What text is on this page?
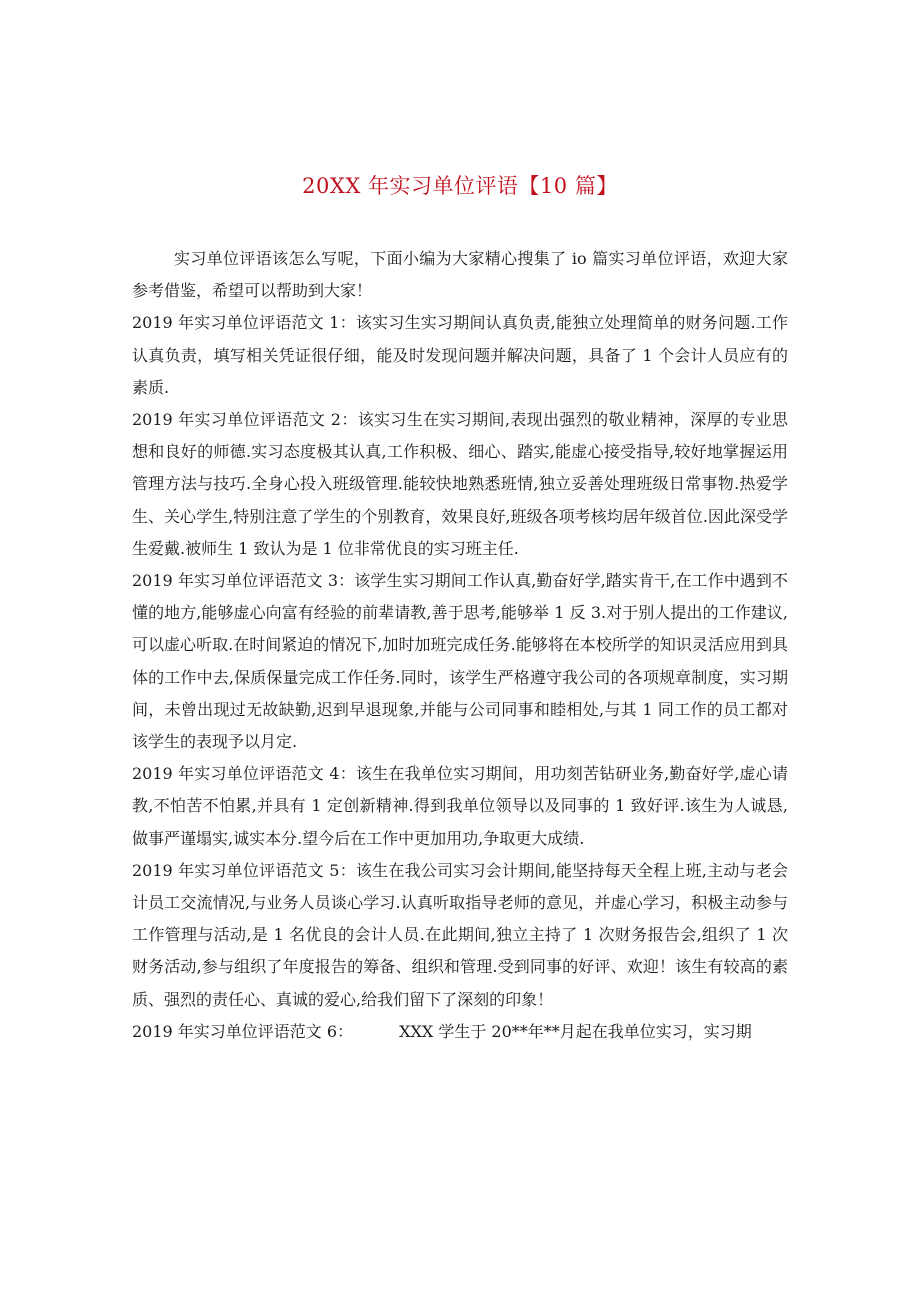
20XX 年实习单位评语【10 篇】

实习单位评语该怎么写呢，下面小编为大家精心搜集了 io 篇实习单位评语，欢迎大家参考借鉴，希望可以帮助到大家！

2019 年实习单位评语范文 1：该实习生实习期间认真负责,能独立处理简单的财务问题.工作认真负责，填写相关凭证很仔细，能及时发现问题并解决问题，具备了 1 个会计人员应有的素质.

2019 年实习单位评语范文 2：该实习生在实习期间,表现出强烈的敬业精神，深厚的专业思想和良好的师德.实习态度极其认真,工作积极、细心、踏实,能虚心接受指导,较好地掌握运用管理方法与技巧.全身心投入班级管理.能较快地熟悉班情,独立妥善处理班级日常事物.热爱学生、关心学生,特别注意了学生的个别教育，效果良好,班级各项考核均居年级首位.因此深受学生爱戴.被师生 1 致认为是 1 位非常优良的实习班主任.

2019 年实习单位评语范文 3：该学生实习期间工作认真,勤奋好学,踏实肯干,在工作中遇到不懂的地方,能够虚心向富有经验的前辈请教,善于思考,能够举 1 反 3.对于别人提出的工作建议,可以虚心听取.在时间紧迫的情况下,加时加班完成任务.能够将在本校所学的知识灵活应用到具体的工作中去,保质保量完成工作任务.同时，该学生严格遵守我公司的各项规章制度，实习期间，未曾出现过无故缺勤,迟到早退现象,并能与公司同事和睦相处,与其 1 同工作的员工都对该学生的表现予以月定.

2019 年实习单位评语范文 4：该生在我单位实习期间，用功刻苦钻研业务,勤奋好学,虚心请教,不怕苦不怕累,并具有 1 定创新精神.得到我单位领导以及同事的 1 致好评.该生为人诚恳,做事严谨塌实,诚实本分.望今后在工作中更加用功,争取更大成绩.

2019 年实习单位评语范文 5：该生在我公司实习会计期间,能坚持每天全程上班,主动与老会计员工交流情况,与业务人员谈心学习.认真听取指导老师的意见，并虚心学习，积极主动参与工作管理与活动,是 1 名优良的会计人员.在此期间,独立主持了 1 次财务报告会,组织了 1 次财务活动,参与组织了年度报告的筹备、组织和管理.受到同事的好评、欢迎！该生有较高的素质、强烈的责任心、真诚的爱心,给我们留下了深刻的印象！

2019 年实习单位评语范文 6：	XXX 学生于 20**年**月起在我单位实习，实习期
